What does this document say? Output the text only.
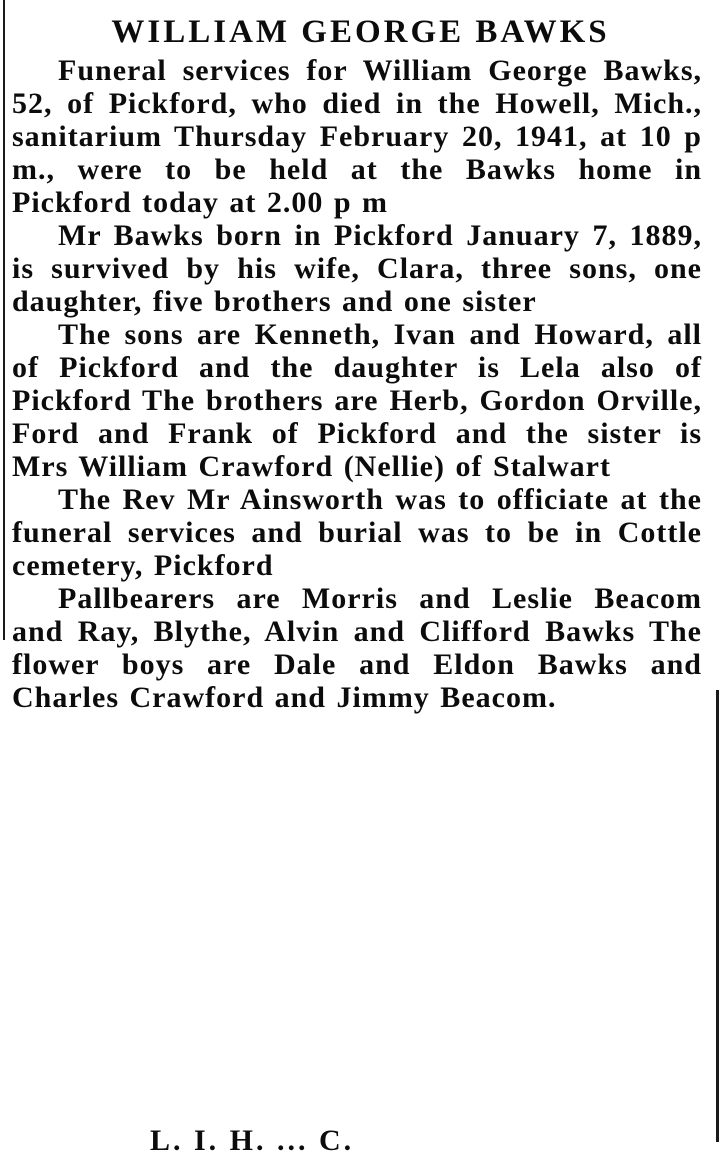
WILLIAM GEORGE BAWKS

Funeral services for William George Bawks, 52, of Pickford, who died in the Howell, Mich., sanitarium Thursday February 20, 1941, at 10 p m., were to be held at the Bawks home in Pickford today at 2.00 p m

Mr Bawks born in Pickford January 7, 1889, is survived by his wife, Clara, three sons, one daughter, five brothers and one sister

The sons are Kenneth, Ivan and Howard, all of Pickford and the daughter is Lela also of Pickford The brothers are Herb, Gordon Orville, Ford and Frank of Pickford and the sister is Mrs William Crawford (Nellie) of Stalwart

The Rev Mr Ainsworth was to officiate at the funeral services and burial was to be in Cottle cemetery, Pickford

Pallbearers are Morris and Leslie Beacom and Ray, Blythe, Alvin and Clifford Bawks The flower boys are Dale and Eldon Bawks and Charles Crawford and Jimmy Beacom.

L. I. H. ... C.
